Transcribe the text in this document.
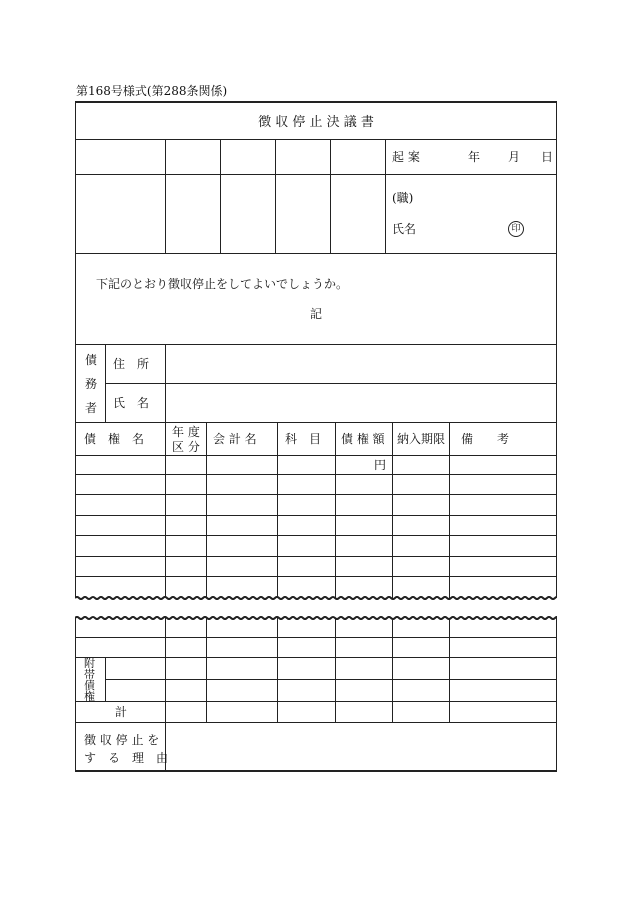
第168号様式(第288条関係)
徴 収 停 止 決 議 書
起 案	年 月 日
(職)
氏名	印
下記のとおり徴収停止をしてよいでしょうか。
記
債
務
者
住　所
氏　名
債　権　名 年 度
区 分
会 計 名 科　目 債 権 額 納入期限 備　　考
円
附
帯
債
権
計
徴 収 停 止 を
す　る　理　由
